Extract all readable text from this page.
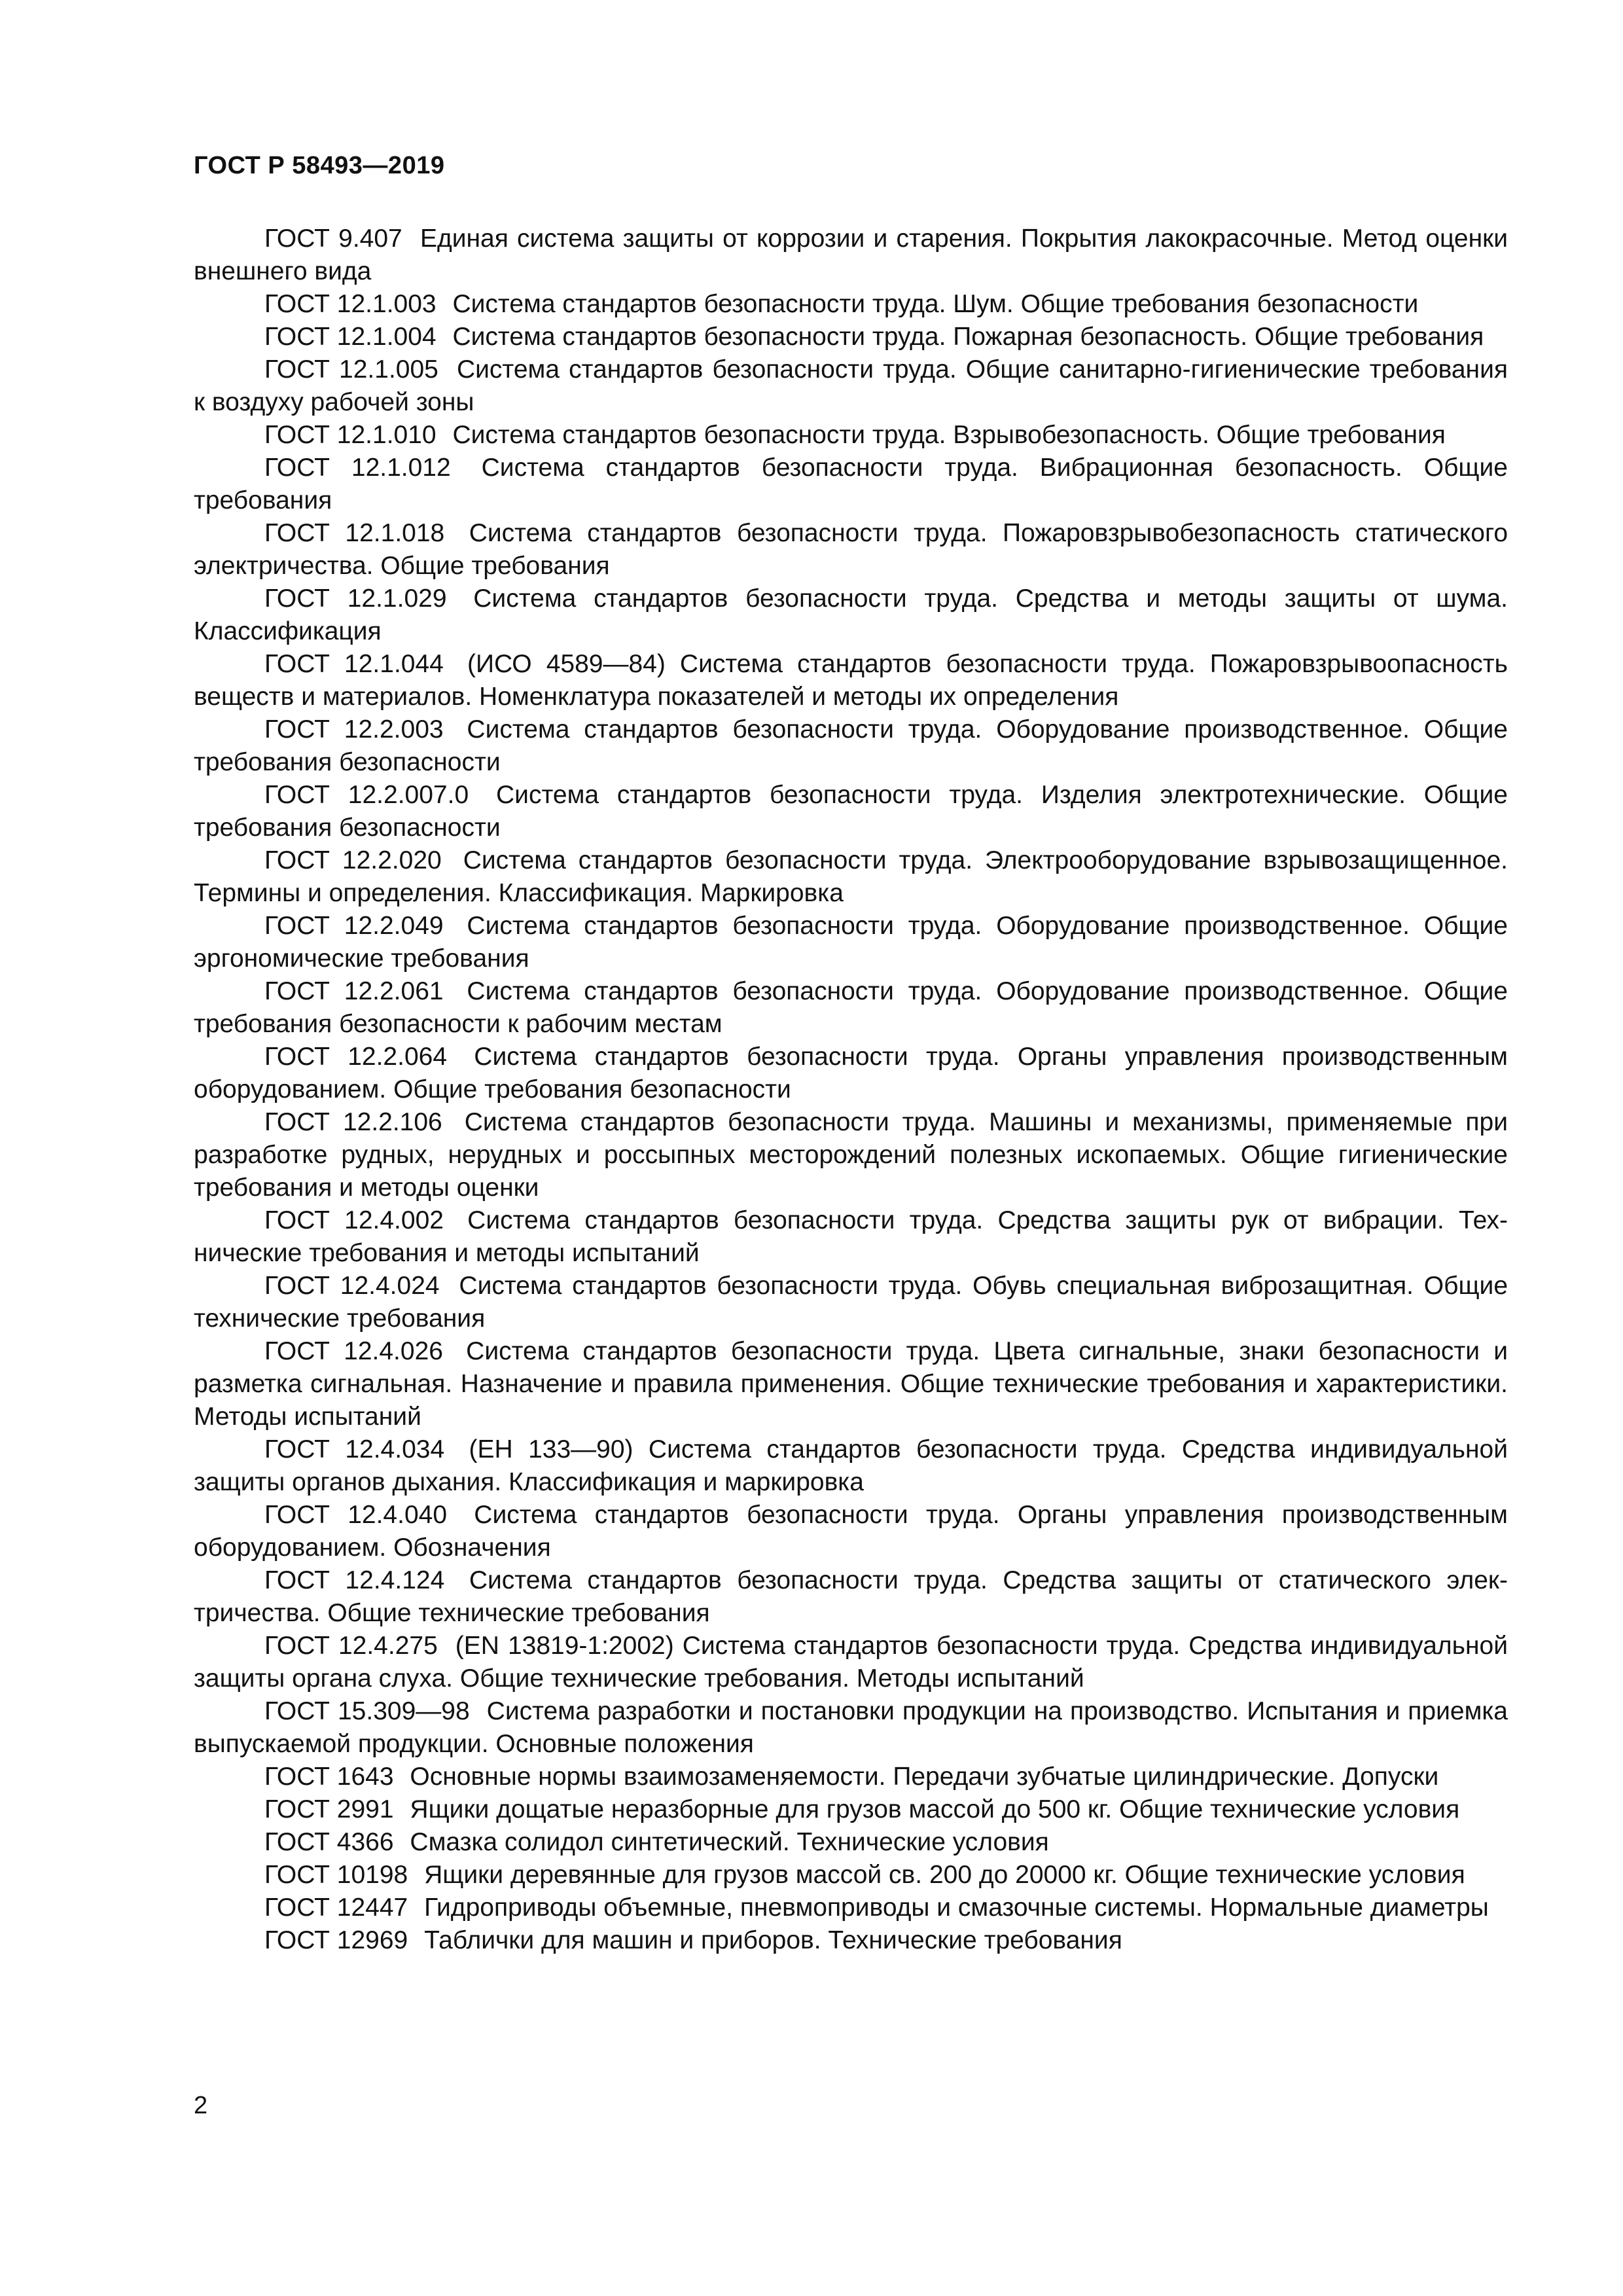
ГОСТ Р 58493—2019
ГОСТ 9.407 Единая система защиты от коррозии и старения. Покрытия лакокрасочные. Метод оценки внешнего вида
ГОСТ 12.1.003 Система стандартов безопасности труда. Шум. Общие требования безопасности
ГОСТ 12.1.004 Система стандартов безопасности труда. Пожарная безопасность. Общие требования
ГОСТ 12.1.005 Система стандартов безопасности труда. Общие санитарно-гигиенические требования к воздуху рабочей зоны
ГОСТ 12.1.010 Система стандартов безопасности труда. Взрывобезопасность. Общие требования
ГОСТ 12.1.012 Система стандартов безопасности труда. Вибрационная безопасность. Общие требования
ГОСТ 12.1.018 Система стандартов безопасности труда. Пожаровзрывобезопасность статического электричества. Общие требования
ГОСТ 12.1.029 Система стандартов безопасности труда. Средства и методы защиты от шума. Классификация
ГОСТ 12.1.044 (ИСО 4589—84) Система стандартов безопасности труда. Пожаровзрывоопасность веществ и материалов. Номенклатура показателей и методы их определения
ГОСТ 12.2.003 Система стандартов безопасности труда. Оборудование производственное. Общие требования безопасности
ГОСТ 12.2.007.0 Система стандартов безопасности труда. Изделия электротехнические. Общие требования безопасности
ГОСТ 12.2.020 Система стандартов безопасности труда. Электрооборудование взрывозащищенное. Термины и определения. Классификация. Маркировка
ГОСТ 12.2.049 Система стандартов безопасности труда. Оборудование производственное. Общие эргономические требования
ГОСТ 12.2.061 Система стандартов безопасности труда. Оборудование производственное. Общие требования безопасности к рабочим местам
ГОСТ 12.2.064 Система стандартов безопасности труда. Органы управления производственным оборудованием. Общие требования безопасности
ГОСТ 12.2.106 Система стандартов безопасности труда. Машины и механизмы, применяемые при разработке рудных, нерудных и россыпных месторождений полезных ископаемых. Общие гигиенические требования и методы оценки
ГОСТ 12.4.002 Система стандартов безопасности труда. Средства защиты рук от вибрации. Технические требования и методы испытаний
ГОСТ 12.4.024 Система стандартов безопасности труда. Обувь специальная виброзащитная. Общие технические требования
ГОСТ 12.4.026 Система стандартов безопасности труда. Цвета сигнальные, знаки безопасности и разметка сигнальная. Назначение и правила применения. Общие технические требования и характеристики. Методы испытаний
ГОСТ 12.4.034 (ЕН 133—90) Система стандартов безопасности труда. Средства индивидуальной защиты органов дыхания. Классификация и маркировка
ГОСТ 12.4.040 Система стандартов безопасности труда. Органы управления производственным оборудованием. Обозначения
ГОСТ 12.4.124 Система стандартов безопасности труда. Средства защиты от статического электричества. Общие технические требования
ГОСТ 12.4.275 (EN 13819-1:2002) Система стандартов безопасности труда. Средства индивидуальной защиты органа слуха. Общие технические требования. Методы испытаний
ГОСТ 15.309—98 Система разработки и постановки продукции на производство. Испытания и приемка выпускаемой продукции. Основные положения
ГОСТ 1643 Основные нормы взаимозаменяемости. Передачи зубчатые цилиндрические. Допуски
ГОСТ 2991 Ящики дощатые неразборные для грузов массой до 500 кг. Общие технические условия
ГОСТ 4366 Смазка солидол синтетический. Технические условия
ГОСТ 10198 Ящики деревянные для грузов массой св. 200 до 20000 кг. Общие технические условия
ГОСТ 12447 Гидроприводы объемные, пневмоприводы и смазочные системы. Нормальные диаметры
ГОСТ 12969 Таблички для машин и приборов. Технические требования
2
